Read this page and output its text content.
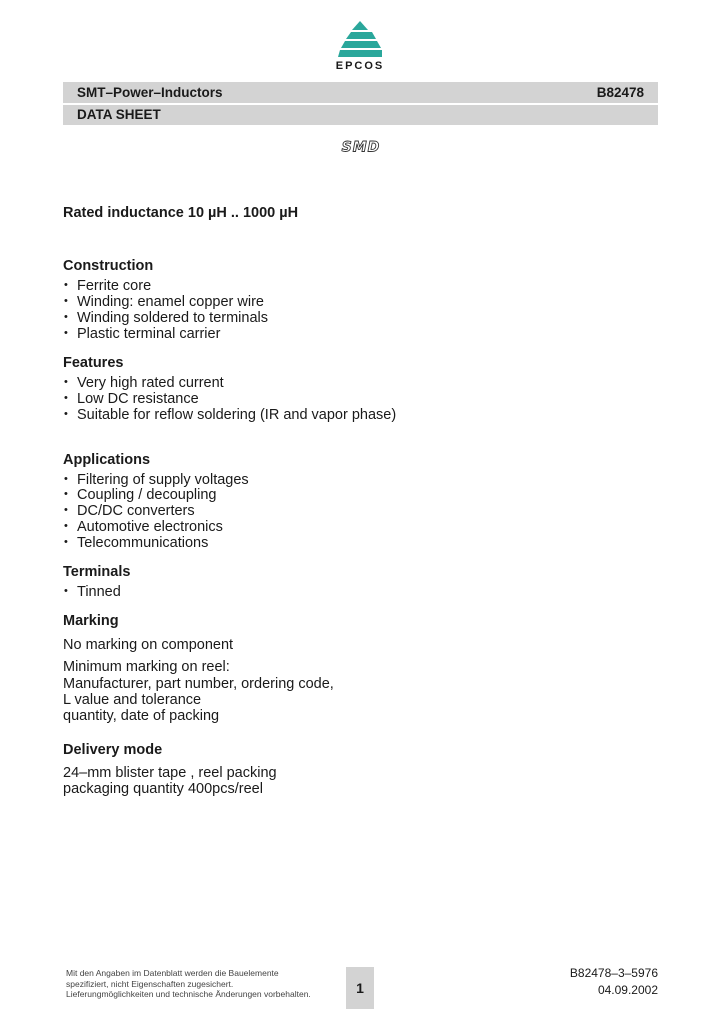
EPCOS
SMT–Power–Inductors	B82478
DATA SHEET
SMD
Rated inductance 10 µH .. 1000 µH
Construction
• Ferrite core
• Winding: enamel copper wire
• Winding soldered to terminals
• Plastic terminal carrier
Features
• Very high rated current
• Low DC resistance
• Suitable for reflow soldering (IR and vapor phase)
Applications
• Filtering of supply voltages
• Coupling / decoupling
• DC/DC converters
• Automotive electronics
• Telecommunications
Terminals
• Tinned
Marking
No marking on component
Minimum marking on reel:
Manufacturer, part number, ordering code,
L value and tolerance
quantity, date of packing
Delivery mode
24–mm blister tape , reel packing
packaging quantity 400pcs/reel
Mit den Angaben im Datenblatt werden die Bauelemente
spezifiziert, nicht Eigenschaften zugesichert.
Lieferungmöglichkeiten und technische Änderungen vorbehalten.	1
B82478–3–5976
04.09.2002
